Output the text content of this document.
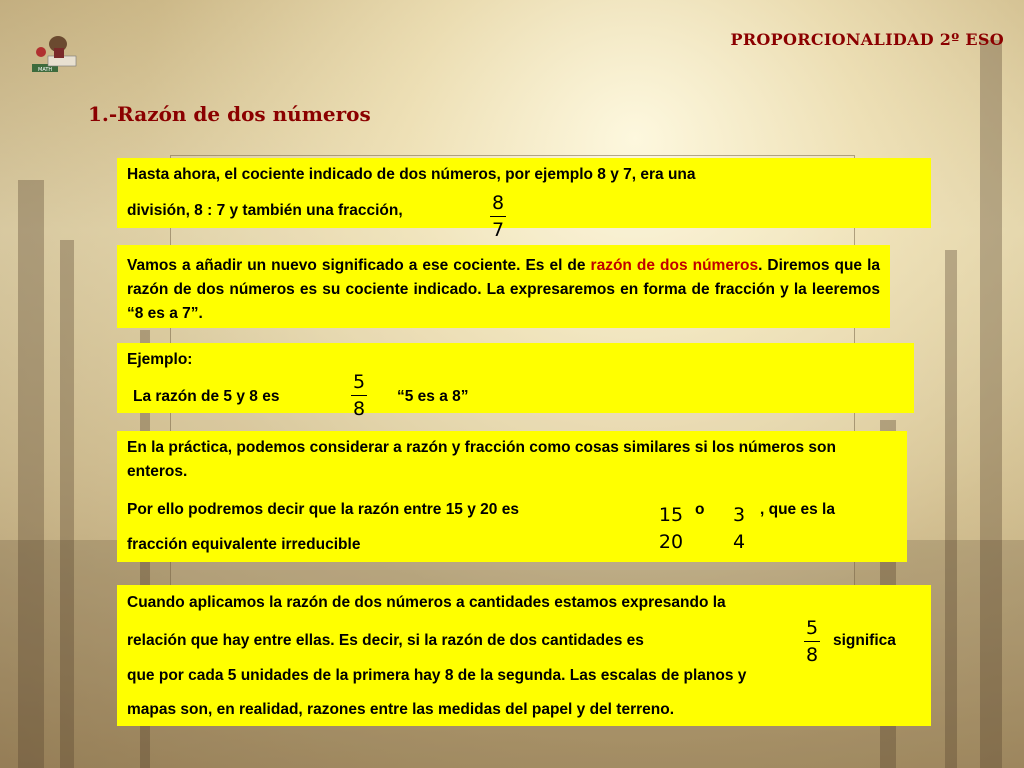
PROPORCIONALIDAD 2º ESO
MATH
1.-Razón de dos números
Hasta ahora, el cociente indicado de dos números, por ejemplo 8 y 7, era una
división, 8 : 7 y también una fracción,	8
7
Vamos a añadir un nuevo significado a ese cociente. Es el de razón de dos números. Diremos que la razón de dos números es su cociente indicado. La expresaremos en forma de fracción y la leeremos “8 es a 7”.
Ejemplo:
La razón de 5 y 8 es
5
8
“5 es a 8”
En la práctica, podemos considerar a razón y fracción como cosas similares si los números son enteros.
Por ello podremos decir que la razón entre 15 y 20 es	15
20
o 3
4
, que es la
fracción equivalente irreducible
Cuando aplicamos la razón de dos números a cantidades estamos expresando la
relación que hay entre ellas. Es decir, si la razón de dos cantidades es
5
8
significa
que por cada 5 unidades de la primera hay 8 de la segunda. Las escalas de planos y
mapas son, en realidad, razones entre las medidas del papel y del terreno.
